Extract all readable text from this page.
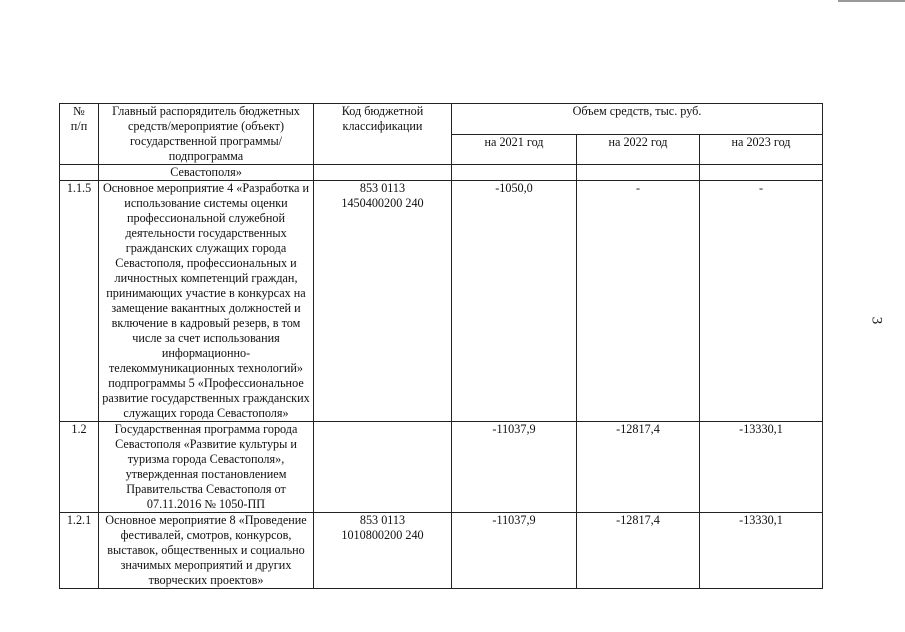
3
№
п/п	Главный распорядитель бюджетных средств/мероприятие (объект) государственной программы/подпрограмма	Код бюджетной классификации	Объем средств, тыс. руб.		
			на 2021 год	на 2022 год	на 2023 год
	Севастополя»				
1.1.5	Основное мероприятие 4 «Разработка и использование системы оценки профессиональной служебной деятельности государственных гражданских служащих города Севастополя, профессиональных и личностных компетенций граждан, принимающих участие в конкурсах на замещение вакантных должностей и включение в кадровый резерв, в том числе за счет использования информационно-телекоммуникационных технологий» подпрограммы 5 «Профессиональное развитие государственных гражданских служащих города Севастополя»	853 0113 1450400200 240	-1050,0	-	-
1.2	Государственная программа города Севастополя «Развитие культуры и туризма города Севастополя», утвержденная постановлением Правительства Севастополя от 07.11.2016 № 1050-ПП		-11037,9	-12817,4	-13330,1
1.2.1	Основное мероприятие 8 «Проведение фестивалей, смотров, конкурсов, выставок, общественных и социально значимых мероприятий и других творческих проектов»	853 0113 1010800200 240	-11037,9	-12817,4	-13330,1
